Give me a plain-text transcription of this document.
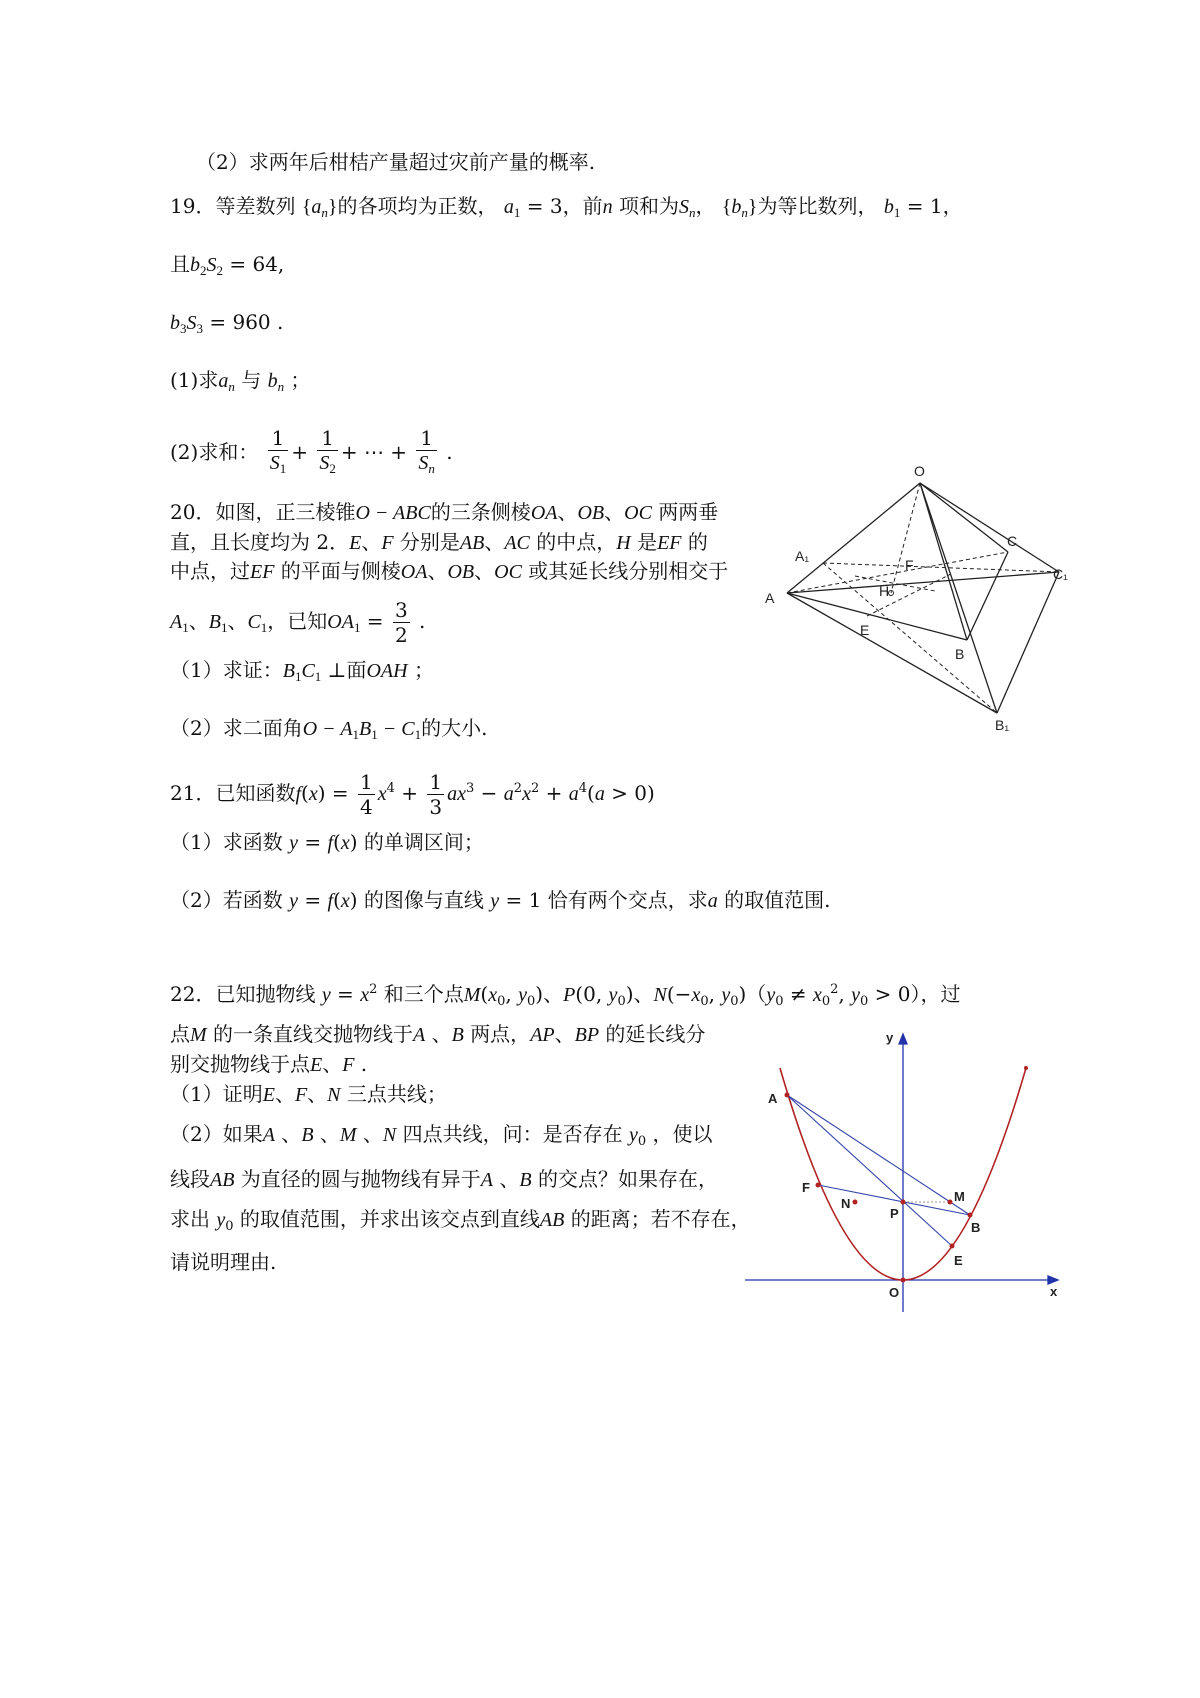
（2）求两年后柑桔产量超过灾前产量的概率.
19．等差数列 $\{a_n\}$的各项均为正数， $a_1 = 3$，前n 项和为$S_n$， $\{b_n\}$为等比数列， $b_1 = 1$，
且$b_2S_2 = 64$,
$b_3S_3 = 960$ .
(1)求$a_n$ 与 $b_n$ ；
(2)求和： $\frac{1}{S_1} + \frac{1}{S_2}$ + ⋯ + $\frac{1}{S_n}$ .
20．如图，正三棱锥O − ABC的三条侧棱OA、OB、OC 两两垂
直，且长度均为 2．E、F 分别是AB、AC 的中点，H 是EF 的
中点，过EF 的平面与侧棱OA、OB、OC 或其延长线分别相交于
$A_1$、$B_1$、$C_1$，已知$OA_1 = \frac{3}{2}$ .
（1）求证：$B_1C_1$ ⊥面OAH ；
（2）求二面角$O - A_1B_1 - C_1$的大小.
O
A₁
A
F
H
E
B
B₁
C
C₁
21．已知函数$f(x) = \frac{1}{4} x^4 + \frac{1}{3} ax^3 - a^2x^2 + a^4(a > 0)$
（1）求函数 y = f(x) 的单调区间；
（2）若函数 y = f(x) 的图像与直线 y = 1 恰有两个交点，求a 的取值范围.
22．已知抛物线 $y = x^2$ 和三个点$M(x_0$, $y_0$)、P(0, $y_0$)、$N(-x_0$, $y_0)(y_0 \ne x_0^2$, $y_0 > 0$），过
点M 的一条直线交抛物线于A 、B 两点，AP、BP 的延长线分
别交抛物线于点E、F .
（1）证明E、F、N 三点共线；
（2）如果A 、B 、M 、N 四点共线，问：是否存在 $y_0$ ，使以
线段AB 为直径的圆与抛物线有异于A 、B 的交点？如果存在，
求出 $y_0$ 的取值范围，并求出该交点到直线AB 的距离；若不存在，
请说明理由.
y
x
O
A
F
N
P
M
B
E
